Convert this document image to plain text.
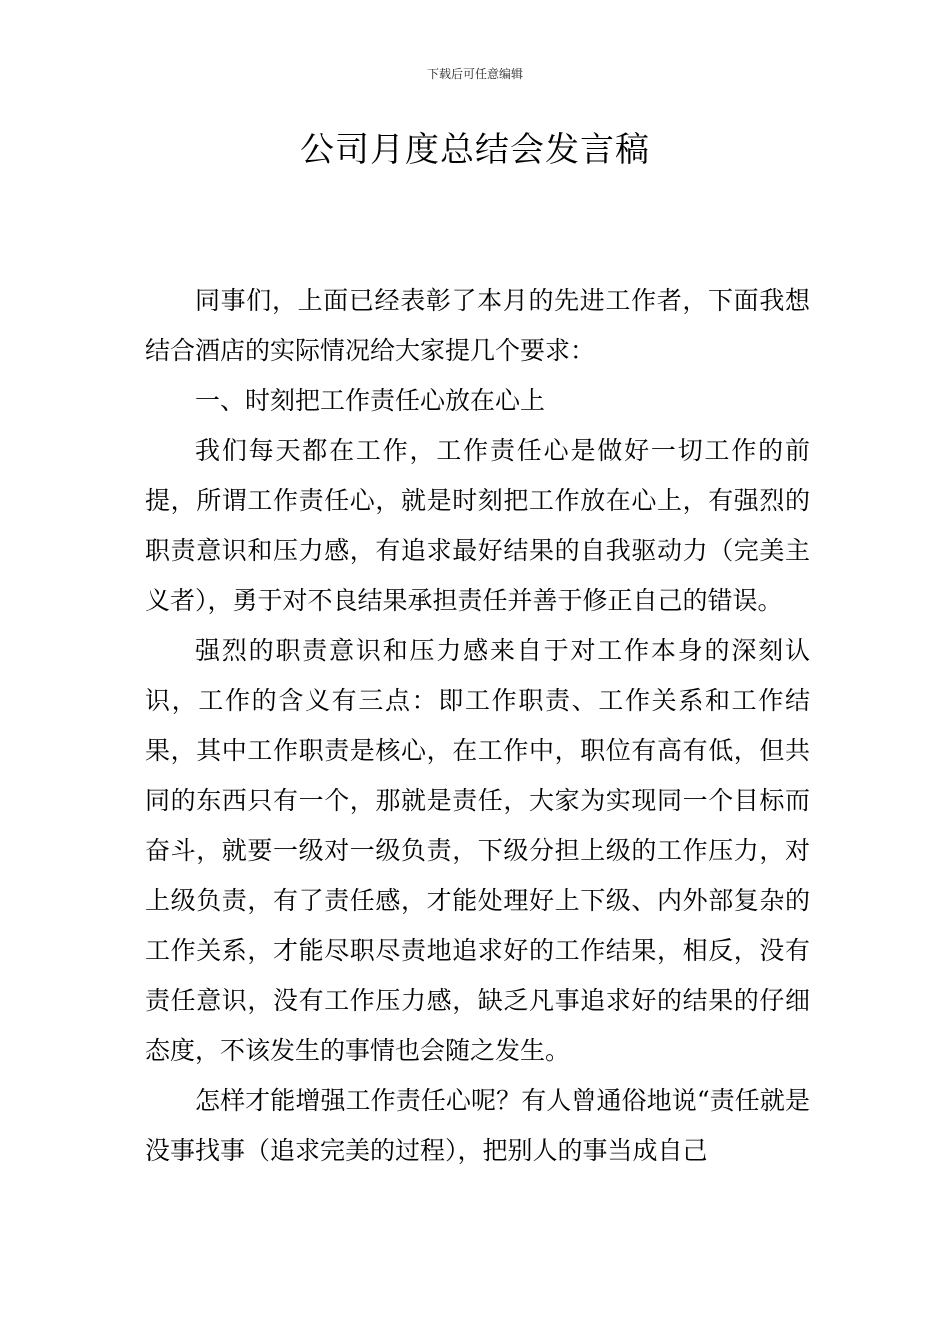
下载后可任意编辑
公司月度总结会发言稿

同事们，上面已经表彰了本月的先进工作者，下面我想结合酒店的实际情况给大家提几个要求：

一、时刻把工作责任心放在心上

我们每天都在工作，工作责任心是做好一切工作的前提，所谓工作责任心，就是时刻把工作放在心上，有强烈的职责意识和压力感，有追求最好结果的自我驱动力（完美主义者），勇于对不良结果承担责任并善于修正自己的错误。

强烈的职责意识和压力感来自于对工作本身的深刻认识，工作的含义有三点：即工作职责、工作关系和工作结果，其中工作职责是核心，在工作中，职位有高有低，但共同的东西只有一个，那就是责任，大家为实现同一个目标而奋斗，就要一级对一级负责，下级分担上级的工作压力，对上级负责，有了责任感，才能处理好上下级、内外部复杂的工作关系，才能尽职尽责地追求好的工作结果，相反，没有责任意识，没有工作压力感，缺乏凡事追求好的结果的仔细态度，不该发生的事情也会随之发生。

怎样才能增强工作责任心呢？有人曾通俗地说“责任就是没事找事（追求完美的过程），把别人的事当成自己
